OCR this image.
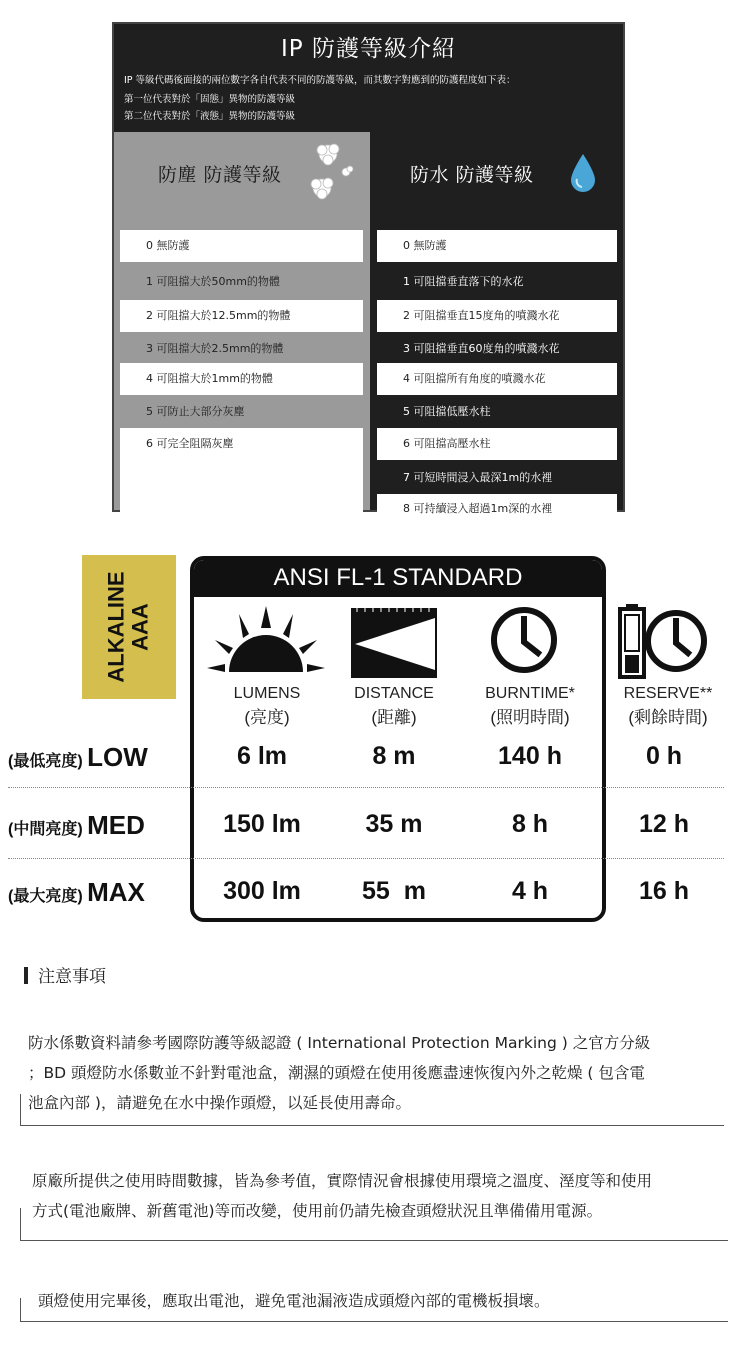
IP 防護等級介紹
IP 等級代碼後面接的兩位數字各自代表不同的防護等級，而其數字對應到的防護程度如下表：
第一位代表對於「固態」異物的防護等級
第二位代表對於「液態」異物的防護等級
防塵 防護等級
0 無防護
1 可阻擋大於50mm的物體
2 可阻擋大於12.5mm的物體
3 可阻擋大於2.5mm的物體
4 可阻擋大於1mm的物體
5 可防止大部分灰塵
6 可完全阻隔灰塵
防水 防護等級
0 無防護
1 可阻擋垂直落下的水花
2 可阻擋垂直15度角的噴濺水花
3 可阻擋垂直60度角的噴濺水花
4 可阻擋所有角度的噴濺水花
5 可阻擋低壓水柱
6 可阻擋高壓水柱
7 可短時間浸入最深1m的水裡
8 可持續浸入超過1m深的水裡
ALKALINE AAA
ANSI FL-1 STANDARD
LUMENS
(亮度)
DISTANCE
(距離)
BURNTIME*
(照明時間)
RESERVE**
(剩餘時間)
(最低亮度) LOW	6 lm	8 m	140 h	0 h
(中間亮度) MED	150 lm	35 m	8 h	12 h
(最大亮度) MAX	300 lm	55  m	4 h	16 h
注意事項
防水係數資料請參考國際防護等級認證 ( International Protection Marking ) 之官方分級
；BD 頭燈防水係數並不針對電池盒，潮濕的頭燈在使用後應盡速恢復內外之乾燥 ( 包含電
池盒內部 )，請避免在水中操作頭燈，以延長使用壽命。
原廠所提供之使用時間數據，皆為參考值，實際情況會根據使用環境之溫度、溼度等和使用
方式(電池廠牌、新舊電池)等而改變，使用前仍請先檢查頭燈狀況且準備備用電源。
頭燈使用完畢後，應取出電池，避免電池漏液造成頭燈內部的電機板損壞。
